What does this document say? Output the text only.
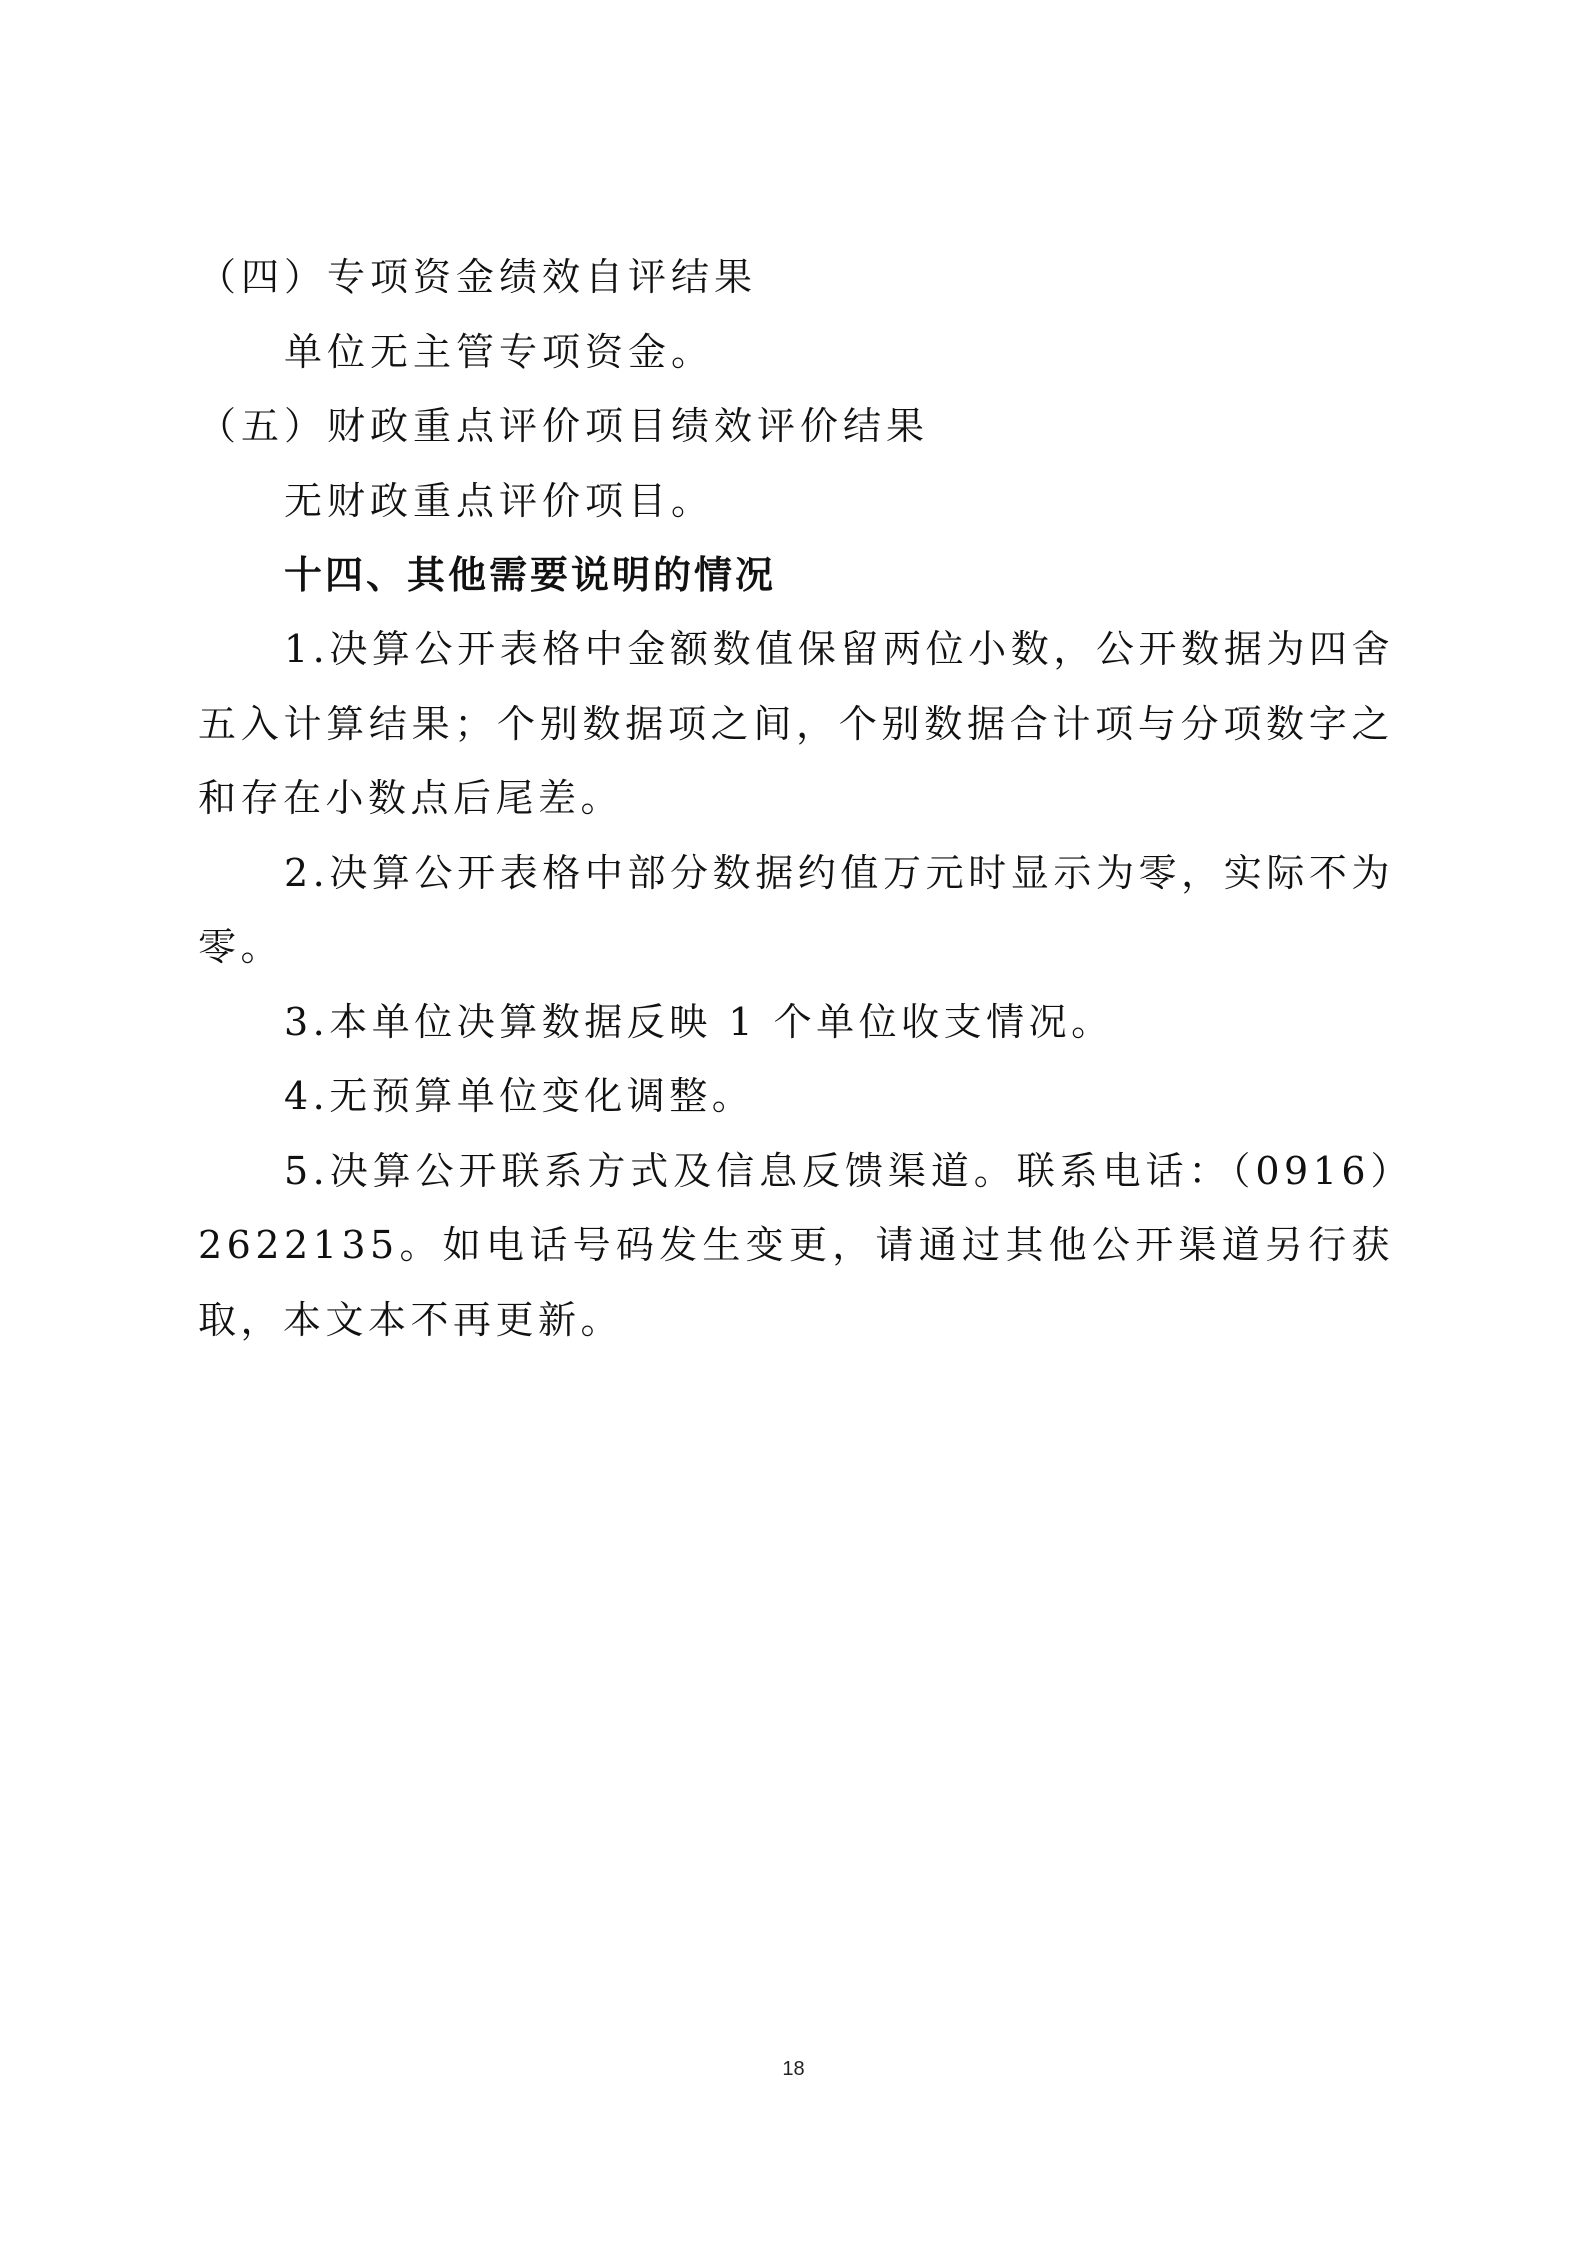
（四）专项资金绩效自评结果
单位无主管专项资金。
（五）财政重点评价项目绩效评价结果
无财政重点评价项目。
十四、其他需要说明的情况

1.决算公开表格中金额数值保留两位小数，公开数据为四舍五入计算结果；个别数据项之间，个别数据合计项与分项数字之和存在小数点后尾差。

2.决算公开表格中部分数据约值万元时显示为零，实际不为零。

3.本单位决算数据反映 1 个单位收支情况。

4.无预算单位变化调整。

5.决算公开联系方式及信息反馈渠道。联系电话：（0916）2622135。如电话号码发生变更，请通过其他公开渠道另行获取，本文本不再更新。

18
